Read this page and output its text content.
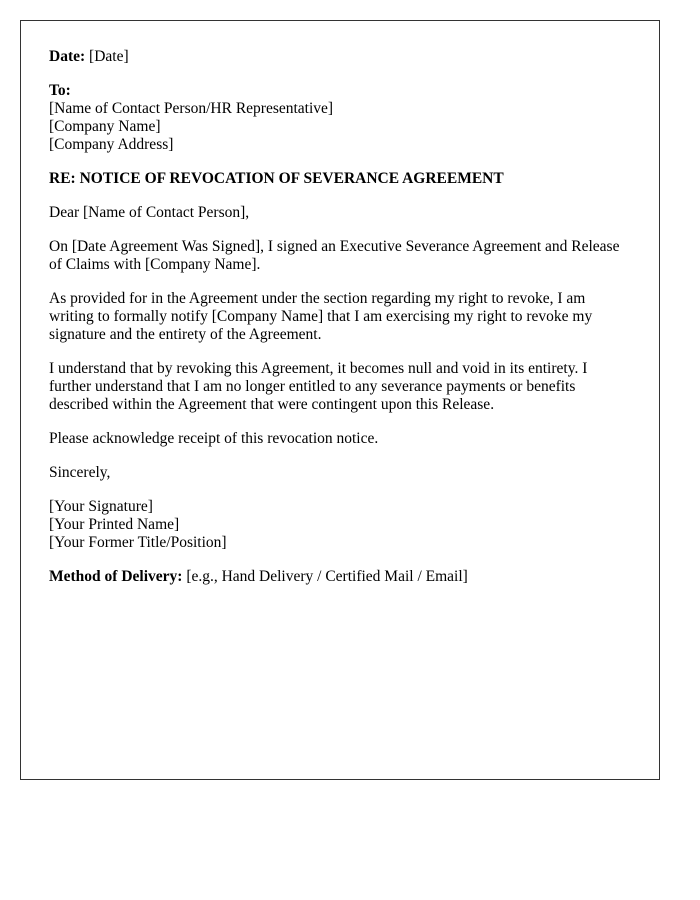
Date: [Date]
To:
[Name of Contact Person/HR Representative]
[Company Name]
[Company Address]
RE: NOTICE OF REVOCATION OF SEVERANCE AGREEMENT
Dear [Name of Contact Person],

On [Date Agreement Was Signed], I signed an Executive Severance Agreement and Release of Claims with [Company Name].

As provided for in the Agreement under the section regarding my right to revoke, I am writing to formally notify [Company Name] that I am exercising my right to revoke my signature and the entirety of the Agreement.

I understand that by revoking this Agreement, it becomes null and void in its entirety. I further understand that I am no longer entitled to any severance payments or benefits described within the Agreement that were contingent upon this Release.

Please acknowledge receipt of this revocation notice.

Sincerely,
[Your Signature]
[Your Printed Name]
[Your Former Title/Position]
Method of Delivery: [e.g., Hand Delivery / Certified Mail / Email]
